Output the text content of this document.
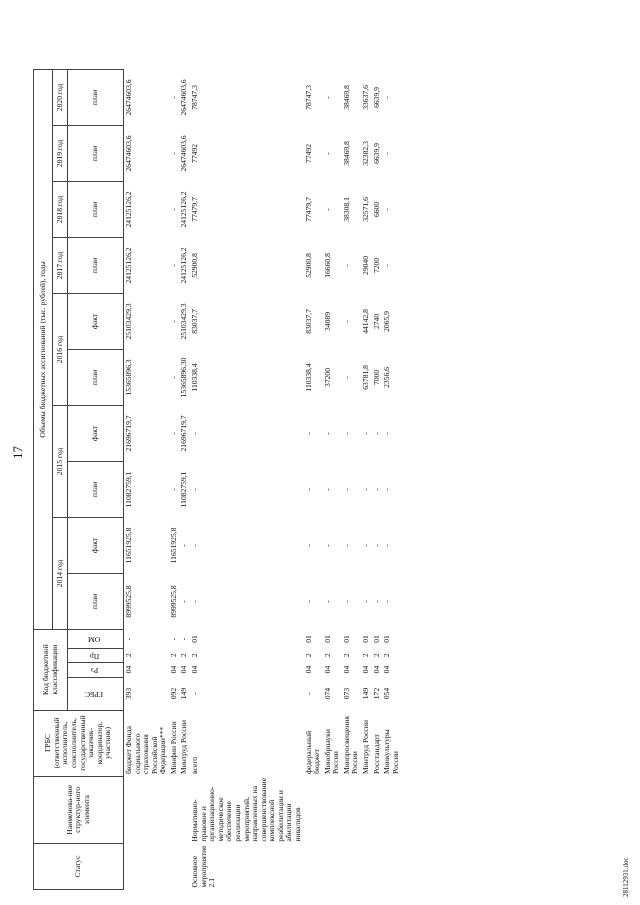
17
Статус	Наименова-ние структур-ного элемента	ГРБС (ответственный исполнитель, соисполнитель, государственный заказчик-координатор, участник)	Код бюджетной классификации				Объемы бюджетных ассигнований (тыс. рублей), годы									
							2014 год		2015 год		2016 год		2017 год	2018 год	2019 год	2020 год
			ГРБС	Рз	Пр	ОМ	план	факт	план	факт	план	факт	план	план	план	план
		бюджет Фонда социального страхования Российской Федерации***	393	04	2	-	8999525,8	11651925,8	11082759,1	21696719,7	15365896,3	25103429,3	24125126,2	24125126,2	26474603,6	26474603,6
		Минфин России	092	04	2	-	8999525,8	11651925,8	-	-	-	-	-	-	-	-
		Минтруд России	149	04	2	-	-	-	11082759,1	21696719,7	15365896,30	25103429,3	24125126,2	24125126,2	26474603,6	26474603,6
Основное мероприятие 2.1	Нормативно-правовое и организационно-методическое обеспечение реализации мероприятий, направленных на совершенствование комплексной реабилитации и абилитации инвалидов	всего	-	04	2	01	-	-	-	-	110338,4	83037,7	52900,8	77479,7	77492	78747,3
		федеральный бюджет	-	04	2	01	-	-	-	-	110338,4	83037,7	52900,8	77479,7	77492	78747,3
		Минобрнауки России	074	04	2	01	-	-	-	-	37200	34089	16660,8	-	-	-
		Минпросвещения России	073	04	2	01	-	-	-	-	-	-	-	38308,1	38469,8	38469,8
		Минтруд России	149	04	2	01	-	-	-	-	63781,8	44142,8	29040	32571,6	32382,3	33637,6
		Росстандарт	172	04	2	01	-	-	-	-	7000	2740	7200	6600	6639,9	6639,9
		Минкультуры России	054	04	2	01	-	-	-	-	2356,6	2065,9	-	-	-	-
28112931.doc
